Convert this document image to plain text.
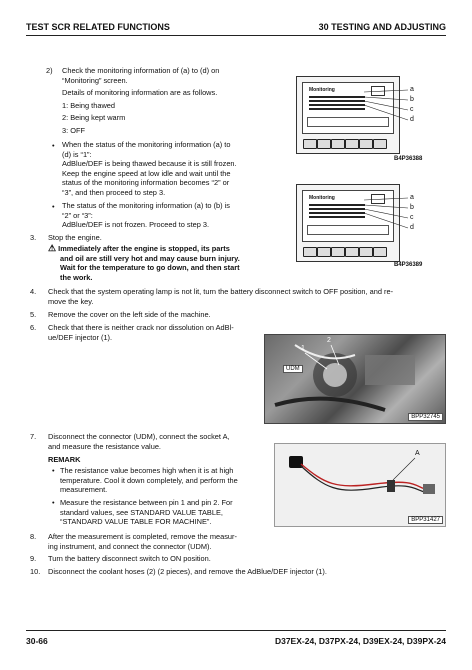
TEST SCR RELATED FUNCTIONS	30 TESTING AND ADJUSTING
2) Check the monitoring information of (a) to (d) on
“Monitoring” screen.
Details of monitoring information are as follows.
1: Being thawed
2: Being kept warm
3: OFF
• When the status of the monitoring information (a) to
(d) is “1”:
AdBlue/DEF is being thawed because it is still frozen.
Keep the engine speed at low idle and wait until the
status of the monitoring information becomes “2” or
“3”, and then proceed to step 3.
• The status of the monitoring information (a) to (b) is
“2” or “3”:
AdBlue/DEF is not frozen. Proceed to step 3.
3. Stop the engine.
⚠ Immediately after the engine is stopped, its parts
and oil are still very hot and may cause burn injury.
Wait for the temperature to go down, and then start
the work.
Monitoring	a
b
c
d
B4P36388
Monitoring	a
b
c
d
B4P36389
4. Check that the system operating lamp is not lit, turn the battery disconnect switch to OFF position, and re-
move the key.
5. Remove the cover on the left side of the machine.
6. Check that there is neither crack nor dissolution on AdBl-
ue/DEF injector (1).
1
2
UDM
BPP32745
7. Disconnect the connector (UDM), connect the socket A,
and measure the resistance value.
REMARK
• The resistance value becomes high when it is at high
temperature. Cool it down completely, and perform the
measurement.
• Measure the resistance between pin 1 and pin 2. For
standard values, see STANDARD VALUE TABLE,
“STANDARD VALUE TABLE FOR MACHINE”.
A
BPP31427
8. After the measurement is completed, remove the measur-
ing instrument, and connect the connector (UDM).
9. Turn the battery disconnect switch to ON position.
10. Disconnect the coolant hoses (2) (2 pieces), and remove the AdBlue/DEF injector (1).
30-66	D37EX-24, D37PX-24, D39EX-24, D39PX-24
